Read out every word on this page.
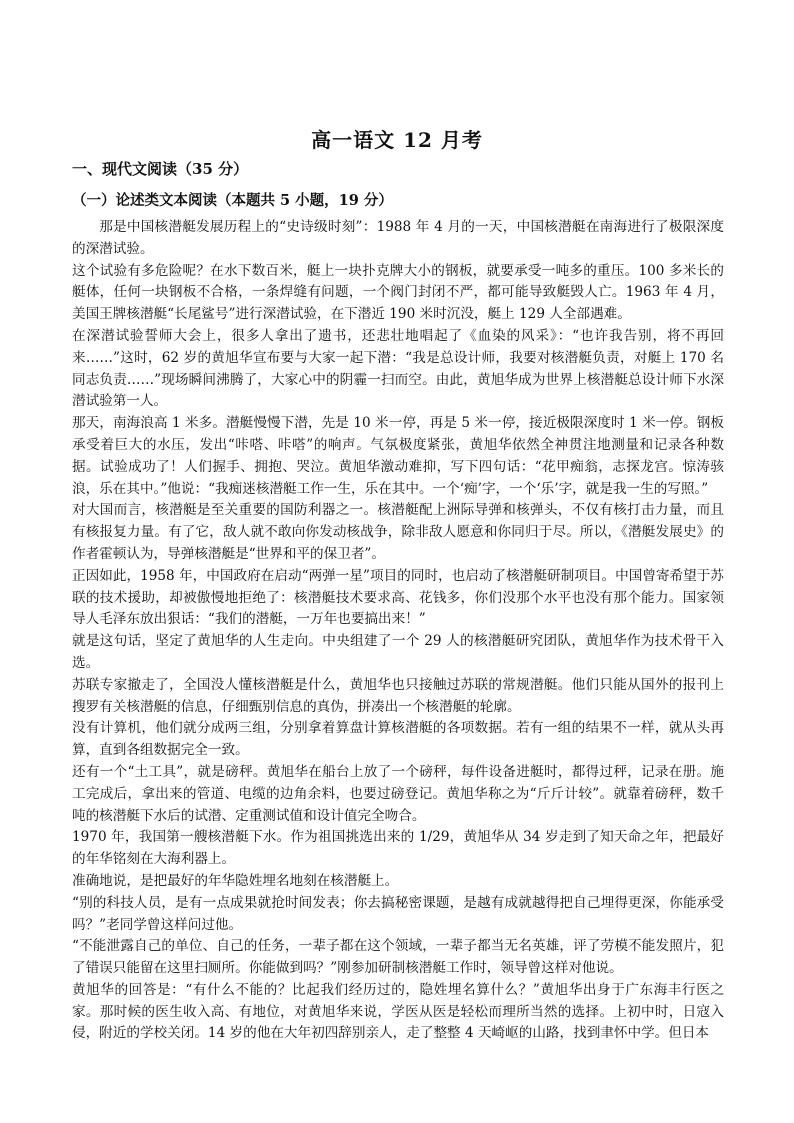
高一语文 12 月考
一、现代文阅读（35 分）
（一）论述类文本阅读（本题共 5 小题，19 分）

那是中国核潜艇发展历程上的“史诗级时刻”：1988 年 4 月的一天，中国核潜艇在南海进行了极限深度的深潜试验。

这个试验有多危险呢？在水下数百米，艇上一块扑克牌大小的钢板，就要承受一吨多的重压。100 多米长的艇体，任何一块钢板不合格，一条焊缝有问题，一个阀门封闭不严，都可能导致艇毁人亡。1963 年 4 月，美国王牌核潜艇“长尾鲨号”进行深潜试验，在下潜近 190 米时沉没，艇上 129 人全部遇难。

在深潜试验誓师大会上，很多人拿出了遗书，还悲壮地唱起了《血染的风采》：“也许我告别，将不再回来……”这时，62 岁的黄旭华宣布要与大家一起下潜：“我是总设计师，我要对核潜艇负责，对艇上 170 名同志负责……”现场瞬间沸腾了，大家心中的阴霾一扫而空。由此，黄旭华成为世界上核潜艇总设计师下水深潜试验第一人。

那天，南海浪高 1 米多。潜艇慢慢下潜，先是 10 米一停，再是 5 米一停，接近极限深度时 1 米一停。钢板承受着巨大的水压，发出“咔嗒、咔嗒”的响声。气氛极度紧张，黄旭华依然全神贯注地测量和记录各种数据。试验成功了！人们握手、拥抱、哭泣。黄旭华激动难抑，写下四句话：“花甲痴翁，志探龙宫。惊涛骇浪，乐在其中。”他说：“我痴迷核潜艇工作一生，乐在其中。一个‘痴’字，一个‘乐’字，就是我一生的写照。”

对大国而言，核潜艇是至关重要的国防利器之一。核潜艇配上洲际导弹和核弹头，不仅有核打击力量，而且有核报复力量。有了它，敌人就不敢向你发动核战争，除非敌人愿意和你同归于尽。所以，《潜艇发展史》的作者霍顿认为，导弹核潜艇是“世界和平的保卫者”。

正因如此，1958 年，中国政府在启动“两弹一星”项目的同时，也启动了核潜艇研制项目。中国曾寄希望于苏联的技术援助，却被傲慢地拒绝了：核潜艇技术要求高、花钱多，你们没那个水平也没有那个能力。国家领导人毛泽东放出狠话：“我们的潜艇，一万年也要搞出来！”

就是这句话，坚定了黄旭华的人生走向。中央组建了一个 29 人的核潜艇研究团队，黄旭华作为技术骨干入选。

苏联专家撤走了，全国没人懂核潜艇是什么，黄旭华也只接触过苏联的常规潜艇。他们只能从国外的报刊上搜罗有关核潜艇的信息，仔细甄别信息的真伪，拼凑出一个核潜艇的轮廓。

没有计算机，他们就分成两三组，分别拿着算盘计算核潜艇的各项数据。若有一组的结果不一样，就从头再算，直到各组数据完全一致。

还有一个“土工具”，就是磅秤。黄旭华在船台上放了一个磅秤，每件设备进艇时，都得过秤，记录在册。施工完成后，拿出来的管道、电缆的边角余料，也要过磅登记。黄旭华称之为“斤斤计较”。就靠着磅秤，数千吨的核潜艇下水后的试潜、定重测试值和设计值完全吻合。

1970 年，我国第一艘核潜艇下水。作为祖国挑选出来的 1/29，黄旭华从 34 岁走到了知天命之年，把最好的年华铭刻在大海利器上。

准确地说，是把最好的年华隐姓埋名地刻在核潜艇上。

“别的科技人员，是有一点成果就抢时间发表；你去搞秘密课题，是越有成就越得把自己埋得更深，你能承受吗？”老同学曾这样问过他。

“不能泄露自己的单位、自己的任务，一辈子都在这个领域，一辈子都当无名英雄，评了劳模不能发照片，犯了错误只能留在这里扫厕所。你能做到吗？”刚参加研制核潜艇工作时，领导曾这样对他说。

黄旭华的回答是：“有什么不能的？比起我们经历过的，隐姓埋名算什么？”黄旭华出身于广东海丰行医之家。那时候的医生收入高、有地位，对黄旭华来说，学医从医是轻松而理所当然的选择。上初中时，日寇入侵，附近的学校关闭。14 岁的他在大年初四辞别亲人，走了整整 4 天崎岖的山路，找到聿怀中学。但日本
